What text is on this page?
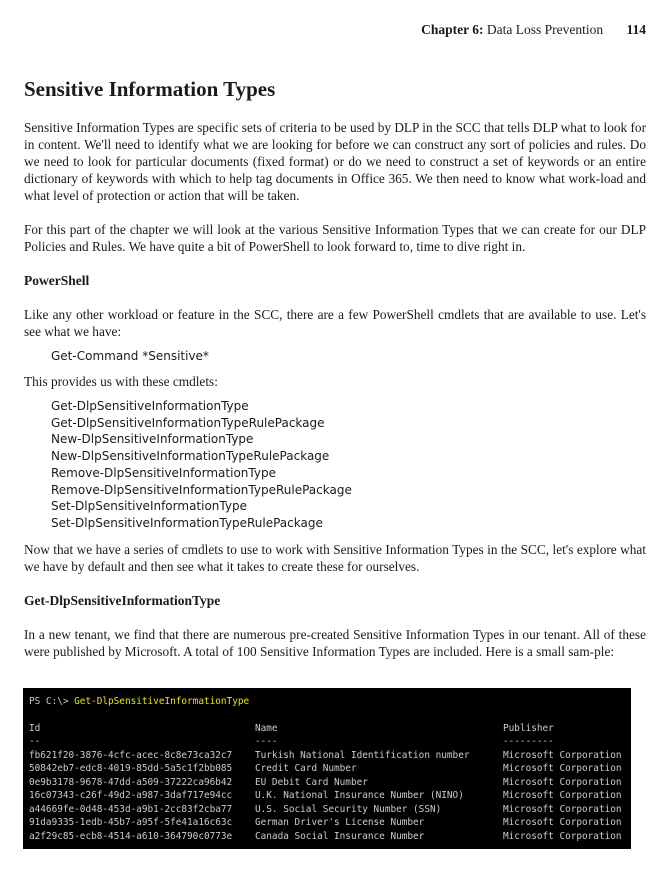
Chapter 6: Data Loss Prevention 114
Sensitive Information Types

Sensitive Information Types are specific sets of criteria to be used by DLP in the SCC that tells DLP what to look for in content. We'll need to identify what we are looking for before we can construct any sort of policies and rules. Do we need to look for particular documents (fixed format) or do we need to construct a set of keywords or an entire dictionary of keywords with which to help tag documents in Office 365. We then need to know what work-load and what level of protection or action that will be taken.

For this part of the chapter we will look at the various Sensitive Information Types that we can create for our DLP Policies and Rules. We have quite a bit of PowerShell to look forward to, time to dive right in.

PowerShell

Like any other workload or feature in the SCC, there are a few PowerShell cmdlets that are available to use. Let's see what we have:

Get-Command *Sensitive*

This provides us with these cmdlets:

Get-DlpSensitiveInformationType
Get-DlpSensitiveInformationTypeRulePackage
New-DlpSensitiveInformationType
New-DlpSensitiveInformationTypeRulePackage
Remove-DlpSensitiveInformationType
Remove-DlpSensitiveInformationTypeRulePackage
Set-DlpSensitiveInformationType
Set-DlpSensitiveInformationTypeRulePackage

Now that we have a series of cmdlets to use to work with Sensitive Information Types in the SCC, let's explore what we have by default and then see what it takes to create these for ourselves.

Get-DlpSensitiveInformationType

In a new tenant, we find that there are numerous pre-created Sensitive Information Types in our tenant. All of these were published by Microsoft. A total of 100 Sensitive Information Types are included. Here is a small sam-ple:

PS C:\> Get-DlpSensitiveInformationType
Id	Name	Publisher
--	----	---------
fb621f20-3876-4cfc-acec-8c8e73ca32c7	Turkish National Identification number	Microsoft Corporation
50842eb7-edc8-4019-85dd-5a5c1f2bb085	Credit Card Number	Microsoft Corporation
0e9b3178-9678-47dd-a509-37222ca96b42	EU Debit Card Number	Microsoft Corporation
16c07343-c26f-49d2-a987-3daf717e94cc	U.K. National Insurance Number (NINO)	Microsoft Corporation
a44669fe-0d48-453d-a9b1-2cc83f2cba77	U.S. Social Security Number (SSN)	Microsoft Corporation
91da9335-1edb-45b7-a95f-5fe41a16c63c	German Driver's License Number	Microsoft Corporation
a2f29c85-ecb8-4514-a610-364790c0773e	Canada Social Insurance Number	Microsoft Corporation
